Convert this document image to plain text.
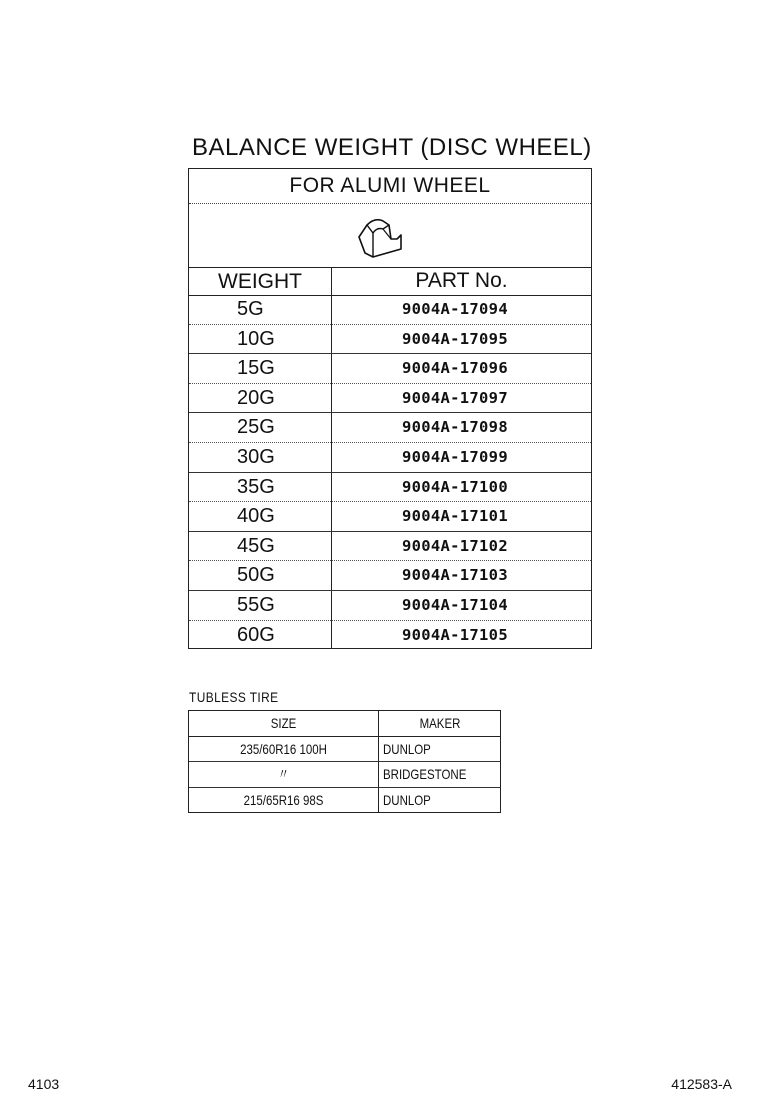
BALANCE WEIGHT (DISC WHEEL)
FOR ALUMI WHEEL
WEIGHT	PART No.
5G	9004A-17094
10G	9004A-17095
15G	9004A-17096
20G	9004A-17097
25G	9004A-17098
30G	9004A-17099
35G	9004A-17100
40G	9004A-17101
45G	9004A-17102
50G	9004A-17103
55G	9004A-17104
60G	9004A-17105
TUBLESS TIRE
SIZE	MAKER
235/60R16 100H	DUNLOP
〃	BRIDGESTONE
215/65R16 98S	DUNLOP
4103	412583-A
